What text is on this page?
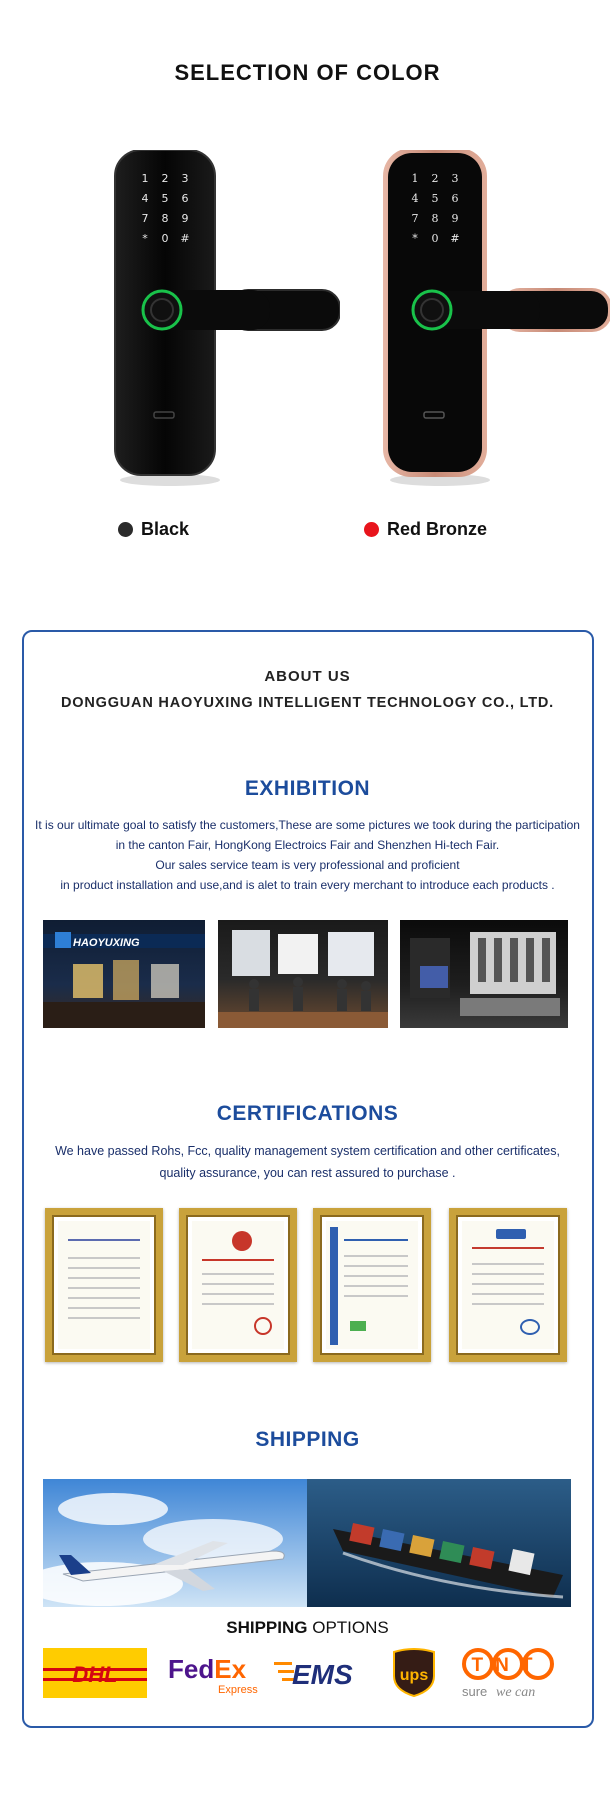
SELECTION OF COLOR
1 2 3
4 5 6
7 8 9
* 0 #
1 2 3
4 5 6
7 8 9
* 0 #
Black	Red Bronze
ABOUT US
DONGGUAN HAOYUXING INTELLIGENT TECHNOLOGY CO., LTD.
EXHIBITION

It is our ultimate goal to satisfy the customers,These are some pictures we took during the participation

in the canton Fair, HongKong Electroics Fair and Shenzhen Hi-tech Fair.

Our sales service team is very professional and proficient

in product installation and use,and is alet to train every merchant to introduce each products .

HAOYUXING
CERTIFICATIONS

We have passed Rohs, Fcc, quality management system certification and other certificates,

quality assurance, you can rest assured to purchase .

SHIPPING
SHIPPING OPTIONS
DHL FedEx
Express EMS	ups TNT
sure we can
